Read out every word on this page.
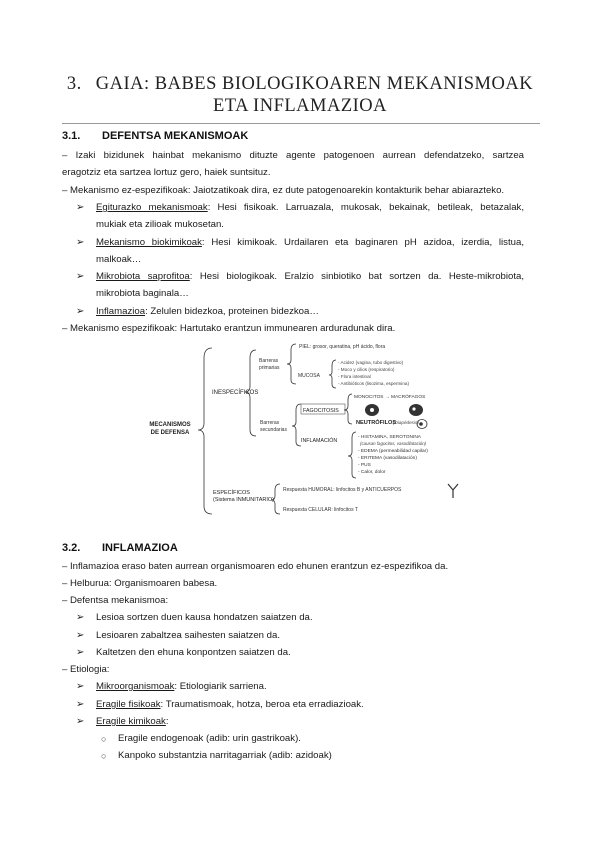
3. GAIA: BABES BIOLOGIKOAREN MEKANISMOAK
ETA INFLAMAZIOA
3.1. DEFENTSA MEKANISMOAK
– Izaki bizidunek hainbat mekanismo dituzte agente patogenoen aurrean defendatzeko, sartzea
eragotziz eta sartzea lortuz gero, haiek suntsituz.
– Mekanismo ez-espezifikoak: Jaiotzatikoak dira, ez dute patogenoarekin kontakturik behar abiarazteko.
➢ Egiturazko mekanismoak: Hesi fisikoak. Larruazala, mukosak, bekainak, betileak, betazalak,
mukiak eta zilioak mukosetan.
➢ Mekanismo biokimikoak: Hesi kimikoak. Urdailaren eta baginaren pH azidoa, izerdia, listua,
malkoak…
➢ Mikrobiota saprofitoa: Hesi biologikoak. Eralzio sinbiotiko bat sortzen da. Heste-mikrobiota,
mikrobiota baginala…
➢ Inflamazioa: Zelulen bidezkoa, proteinen bidezkoa…
– Mekanismo espezifikoak: Hartutako erantzun immunearen arduradunak dira.
MECANISMOS
DE DEFENSA
INESPECÍFICOS
ESPECÍFICOS
(Sistema INMUNITARIO)
Barreras
primarias
Barreras
secundarias
PIEL: grosor, queratina, pH ácido, flora
MUCOSA
- Acidez (vagina, tubo digestivo)
- Moco y cilios (respiratorio)
- Flora intestinal
- Antibióticos (lisozima, espermina)
FAGOCITOSIS
MONOCITOS → MACRÓFAGOS
NEUTRÓFILOS
(Diapédesis)
INFLAMACIÓN
- HISTAMINA, SEROTONINA
(causan fagocitos, vasodilatación)
- EDEMA (permeabilidad capilar)
- ERITEMA (vasodilatación)
- PUS
- Calor, dolor
Respuesta HUMORAL: linfocitos B y ANTICUERPOS
Respuesta CELULAR: linfocitos T
3.2. INFLAMAZIOA
– Inflamazioa eraso baten aurrean organismoaren edo ehunen erantzun ez-espezifikoa da.
– Helburua: Organismoaren babesa.
– Defentsa mekanismoa:
➢ Lesioa sortzen duen kausa hondatzen saiatzen da.
➢ Lesioaren zabaltzea saihesten saiatzen da.
➢ Kaltetzen den ehuna konpontzen saiatzen da.
– Etiologia:
➢ Mikroorganismoak: Etiologiarik sarriena.
➢ Eragile fisikoak: Traumatismoak, hotza, beroa eta erradiazioak.
➢ Eragile kimikoak:
○ Eragile endogenoak (adib: urin gastrikoak).
○ Kanpoko substantzia narritagarriak (adib: azidoak)
